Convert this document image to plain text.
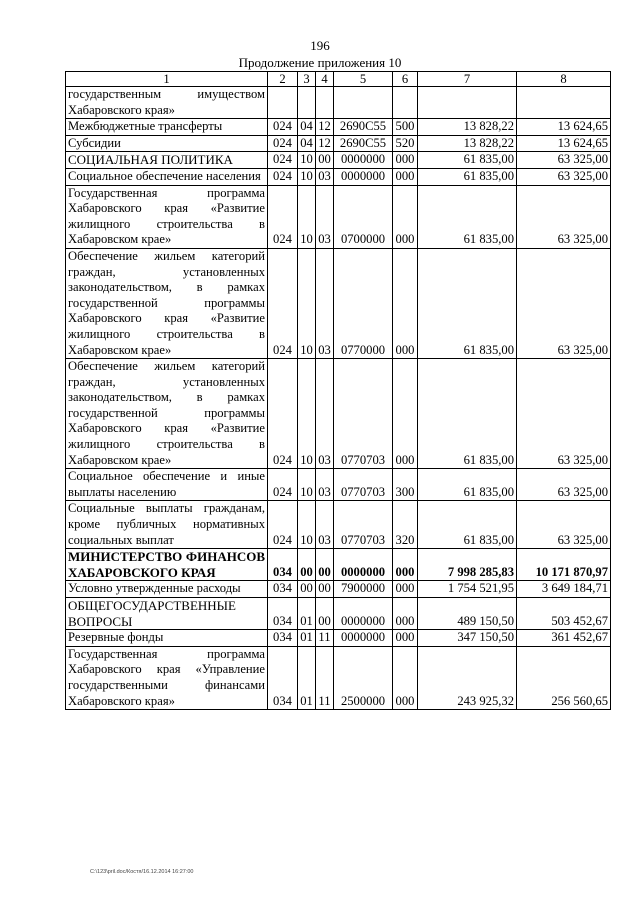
196
Продолжение приложения 10
1	2	3	4	5	6	7	8
государственным имуществом Хабаровского края»							
Межбюджетные трансферты	024	04	12	2690С55	500	13 828,22	13 624,65
Субсидии	024	04	12	2690С55	520	13 828,22	13 624,65
СОЦИАЛЬНАЯ ПОЛИТИКА	024	10	00	0000000	000	61 835,00	63 325,00
Социальное обеспечение населения	024	10	03	0000000	000	61 835,00	63 325,00
Государственная программа Хабаровского края «Развитие жилищного строительства в Хабаровском крае»	024	10	03	0700000	000	61 835,00	63 325,00
Обеспечение жильем категорий граждан, установленных законодательством, в рамках государственной программы Хабаровского края «Развитие жилищного строительства в Хабаровском крае»	024	10	03	0770000	000	61 835,00	63 325,00
Обеспечение жильем категорий граждан, установленных законодательством, в рамках государственной программы Хабаровского края «Развитие жилищного строительства в Хабаровском крае»	024	10	03	0770703	000	61 835,00	63 325,00
Социальное обеспечение и иные выплаты населению	024	10	03	0770703	300	61 835,00	63 325,00
Социальные выплаты гражданам, кроме публичных нормативных социальных выплат	024	10	03	0770703	320	61 835,00	63 325,00
МИНИСТЕРСТВО ФИНАНСОВ ХАБАРОВСКОГО КРАЯ	034	00	00	0000000	000	7 998 285,83	10 171 870,97
Условно утвержденные расходы	034	00	00	7900000	000	1 754 521,95	3 649 184,71
ОБЩЕГОСУДАРСТВЕННЫЕ ВОПРОСЫ	034	01	00	0000000	000	489 150,50	503 452,67
Резервные фонды	034	01	11	0000000	000	347 150,50	361 452,67
Государственная программа Хабаровского края «Управление государственными финансами Хабаровского края»	034	01	11	2500000	000	243 925,32	256 560,65
C:\123\pril.doc/Костя/16.12.2014 16:27:00
